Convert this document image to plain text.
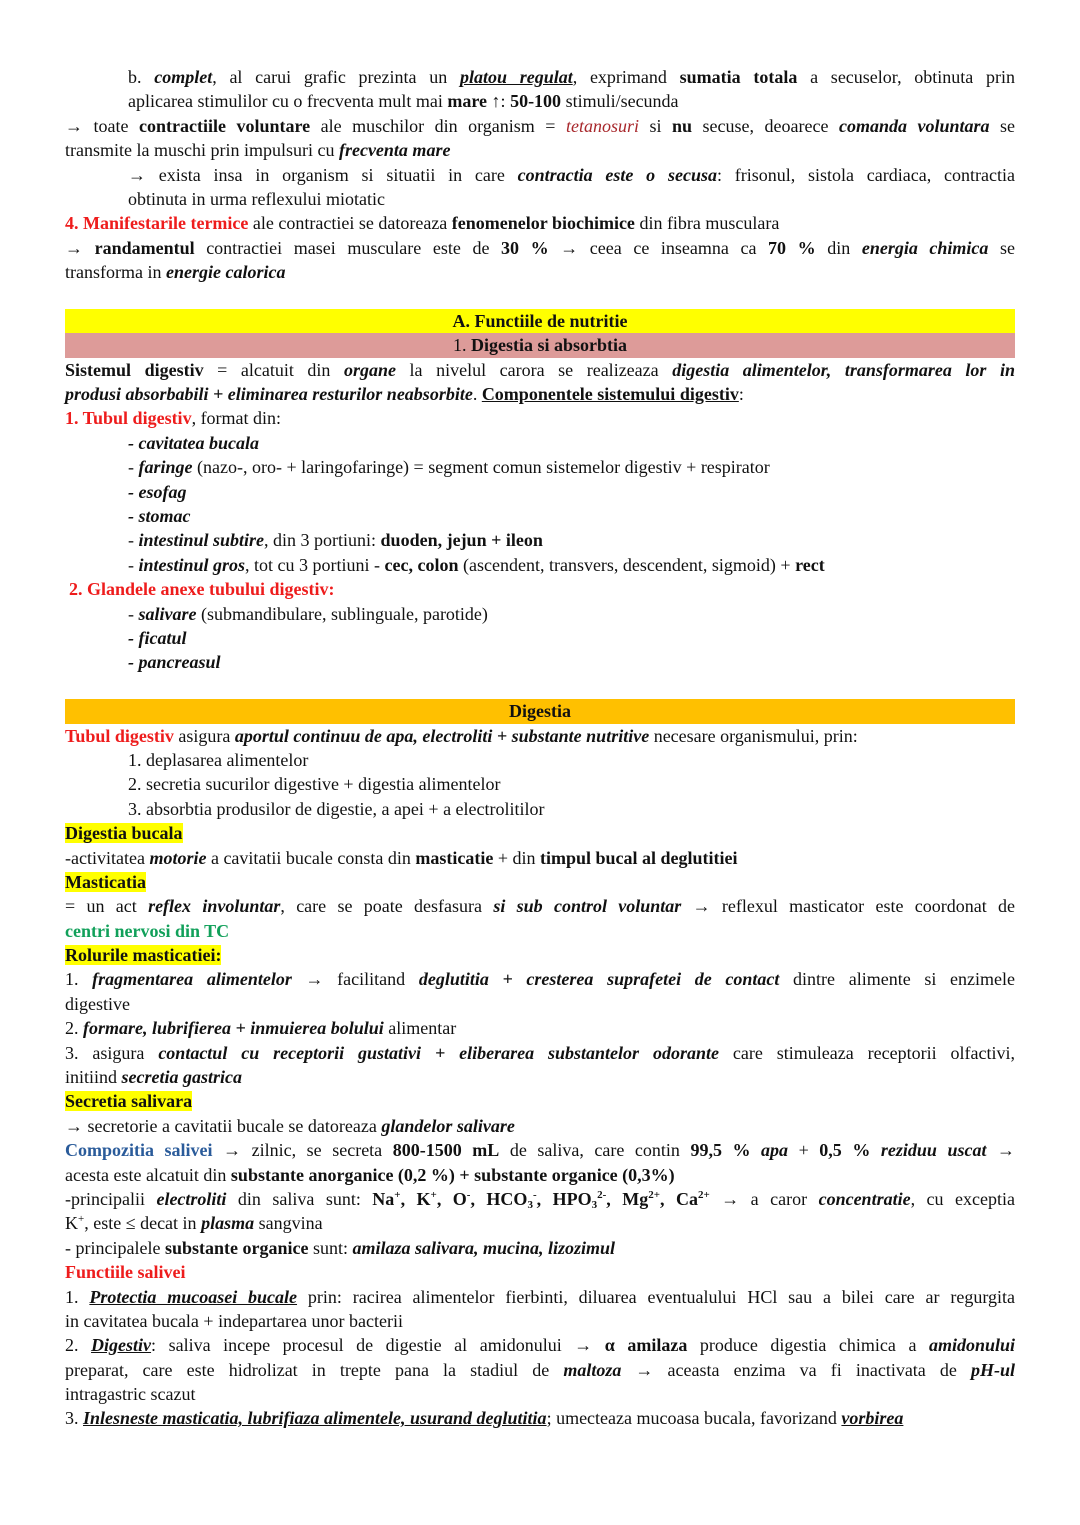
b. complet, al carui grafic prezinta un platou regulat, exprimand sumatia totala a secuselor, obtinuta prin
aplicarea stimulilor cu o frecventa mult mai mare ↑: 50-100 stimuli/secunda
→ toate contractiile voluntare ale muschilor din organism = tetanosuri si nu secuse, deoarece comanda voluntara se
transmite la muschi prin impulsuri cu frecventa mare
→ exista insa in organism si situatii in care contractia este o secusa: frisonul, sistola cardiaca, contractia
obtinuta in urma reflexului miotatic
4. Manifestarile termice ale contractiei se datoreaza fenomenelor biochimice din fibra musculara
→ randamentul contractiei masei musculare este de 30 % → ceea ce inseamna ca 70 % din energia chimica se
transforma in energie calorica
A. Functiile de nutritie
1. Digestia si absorbtia
Sistemul digestiv = alcatuit din organe la nivelul carora se realizeaza digestia alimentelor, transformarea lor in
produsi absorbabili + eliminarea resturilor neabsorbite. Componentele sistemului digestiv:
1. Tubul digestiv, format din:
- cavitatea bucala
- faringe (nazo-, oro- + laringofaringe) = segment comun sistemelor digestiv + respirator
- esofag
- stomac
- intestinul subtire, din 3 portiuni: duoden, jejun + ileon
- intestinul gros, tot cu 3 portiuni - cec, colon (ascendent, transvers, descendent, sigmoid) + rect
2. Glandele anexe tubului digestiv:
- salivare (submandibulare, sublinguale, parotide)
- ficatul
- pancreasul
Digestia
Tubul digestiv asigura aportul continuu de apa, electroliti + substante nutritive necesare organismului, prin:
1. deplasarea alimentelor
2. secretia sucurilor digestive + digestia alimentelor
3. absorbtia produsilor de digestie, a apei + a electrolitilor
Digestia bucala
-activitatea motorie a cavitatii bucale consta din masticatie + din timpul bucal al deglutitiei
Masticatia
= un act reflex involuntar, care se poate desfasura si sub control voluntar → reflexul masticator este coordonat de
centri nervosi din TC
Rolurile masticatiei:
1. fragmentarea alimentelor → facilitand deglutitia + cresterea suprafetei de contact dintre alimente si enzimele
digestive
2. formare, lubrifierea + inmuierea bolului alimentar
3. asigura contactul cu receptorii gustativi + eliberarea substantelor odorante care stimuleaza receptorii olfactivi,
initiind secretia gastrica
Secretia salivara
→ secretorie a cavitatii bucale se datoreaza glandelor salivare
Compozitia salivei → zilnic, se secreta 800-1500 mL de saliva, care contin 99,5 % apa + 0,5 % reziduu uscat →
acesta este alcatuit din substante anorganice (0,2 %) + substante organice (0,3%)
-principalii electroliti din saliva sunt: Na+, K+, O-, $HCO_3^-$, $HPO_3^{2-}$, $Mg^{2+}$, $Ca^{2+} \to a$ caror concentratie, cu exceptia
K+, este ≤ decat in plasma sangvina
- principalele substante organice sunt: amilaza salivara, mucina, lizozimul
Functiile salivei
1. Protectia mucoasei bucale prin: racirea alimentelor fierbinti, diluarea eventualului HCl sau a bilei care ar regurgita
in cavitatea bucala + indepartarea unor bacterii
2. Digestiv: saliva incepe procesul de digestie al amidonului → α amilaza produce digestia chimica a amidonului
preparat, care este hidrolizat in trepte pana la stadiul de maltoza → aceasta enzima va fi inactivata de pH-ul
intragastric scazut
3. Inlesneste masticatia, lubrifiaza alimentele, usurand deglutitia; umecteaza mucoasa bucala, favorizand vorbirea
